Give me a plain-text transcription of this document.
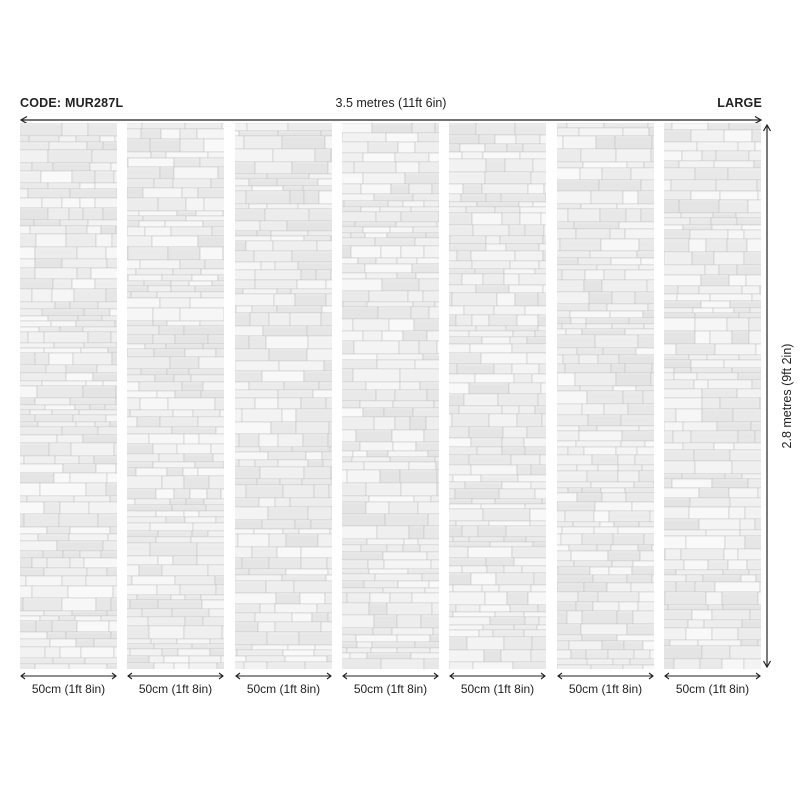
CODE: MUR287L	3.5 metres (11ft 6in)	LARGE
2.8 metres (9ft 2in)
50cm (1ft 8in)	50cm (1ft 8in)	50cm (1ft 8in)	50cm (1ft 8in)	50cm (1ft 8in)	50cm (1ft 8in)	50cm (1ft 8in)
